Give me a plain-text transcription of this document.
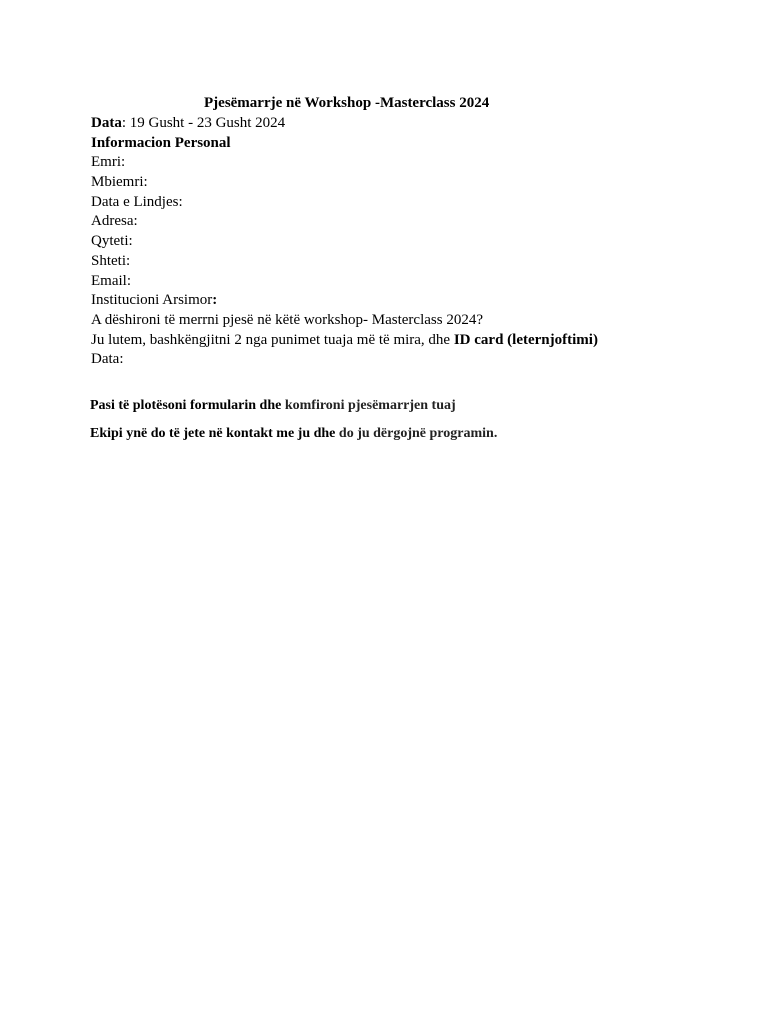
Pjesëmarrje në Workshop -Masterclass 2024
Data: 19 Gusht - 23 Gusht 2024
Informacion Personal
Emri:
Mbiemri:
Data e Lindjes:
Adresa:
Qyteti:
Shteti:
Email:
Institucioni Arsimor:
A dëshironi të merrni pjesë në këtë workshop- Masterclass 2024?
Ju lutem, bashkëngjitni 2 nga punimet tuaja më të mira, dhe ID card (leternjoftimi)
Data:
Pasi të plotësoni formularin dhe komfironi pjesëmarrjen tuaj
Ekipi ynë do të jete në kontakt me ju dhe do ju dërgojnë programin.
